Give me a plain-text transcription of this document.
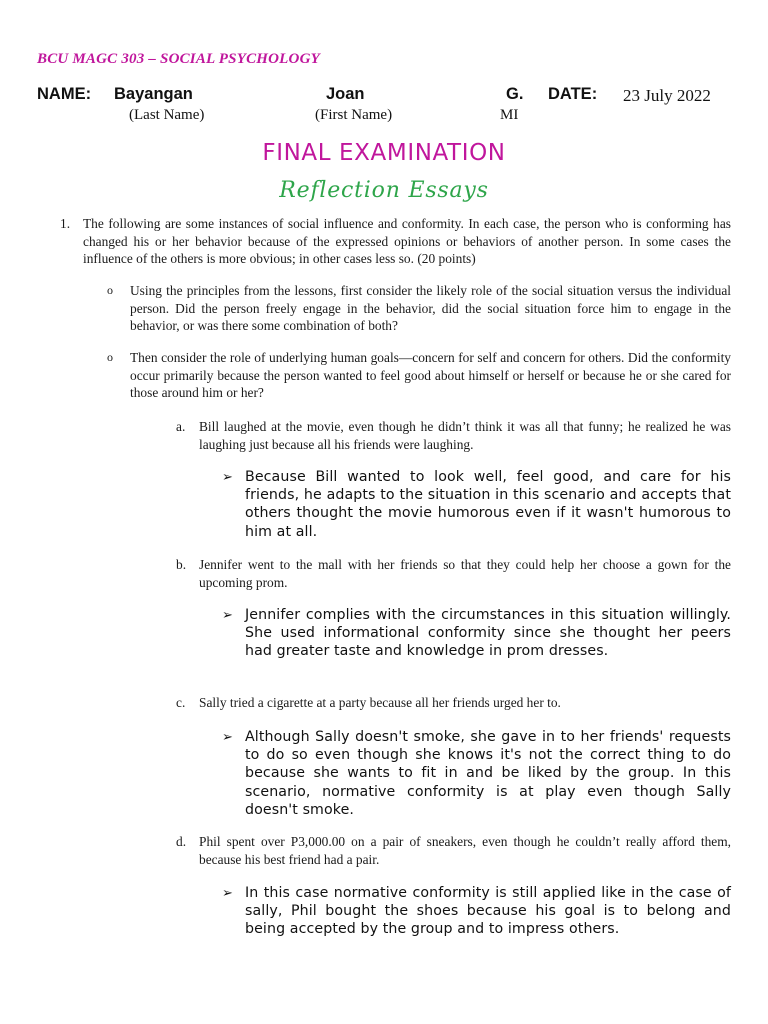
BCU MAGC 303 – SOCIAL PSYCHOLOGY
NAME: Bayangan	Joan	G. DATE: 23 July 2022
(Last Name)	(First Name)	MI
FINAL EXAMINATION
Reflection Essays
1. The following are some instances of social influence and conformity. In each case, the person who is conforming has changed his or her behavior because of the expressed opinions or behaviors of another person. In some cases the influence of the others is more obvious; in other cases less so. (20 points)
o Using the principles from the lessons, first consider the likely role of the social situation versus the individual person. Did the person freely engage in the behavior, did the social situation force him to engage in the behavior, or was there some combination of both?
o Then consider the role of underlying human goals—concern for self and concern for others. Did the conformity occur primarily because the person wanted to feel good about himself or herself or because he or she cared for those around him or her?
a. Bill laughed at the movie, even though he didn’t think it was all that funny; he realized he was laughing just because all his friends were laughing.
➢ Because Bill wanted to look well, feel good, and care for his friends, he adapts to the situation in this scenario and accepts that others thought the movie humorous even if it wasn't humorous to him at all.
b. Jennifer went to the mall with her friends so that they could help her choose a gown for the upcoming prom.
➢ Jennifer complies with the circumstances in this situation willingly. She used informational conformity since she thought her peers had greater taste and knowledge in prom dresses.
c. Sally tried a cigarette at a party because all her friends urged her to.
➢ Although Sally doesn't smoke, she gave in to her friends' requests to do so even though she knows it's not the correct thing to do because she wants to fit in and be liked by the group. In this scenario, normative conformity is at play even though Sally doesn't smoke.
d. Phil spent over P3,000.00 on a pair of sneakers, even though he couldn’t really afford them, because his best friend had a pair.
➢ In this case normative conformity is still applied like in the case of sally, Phil bought the shoes because his goal is to belong and being accepted by the group and to impress others.
